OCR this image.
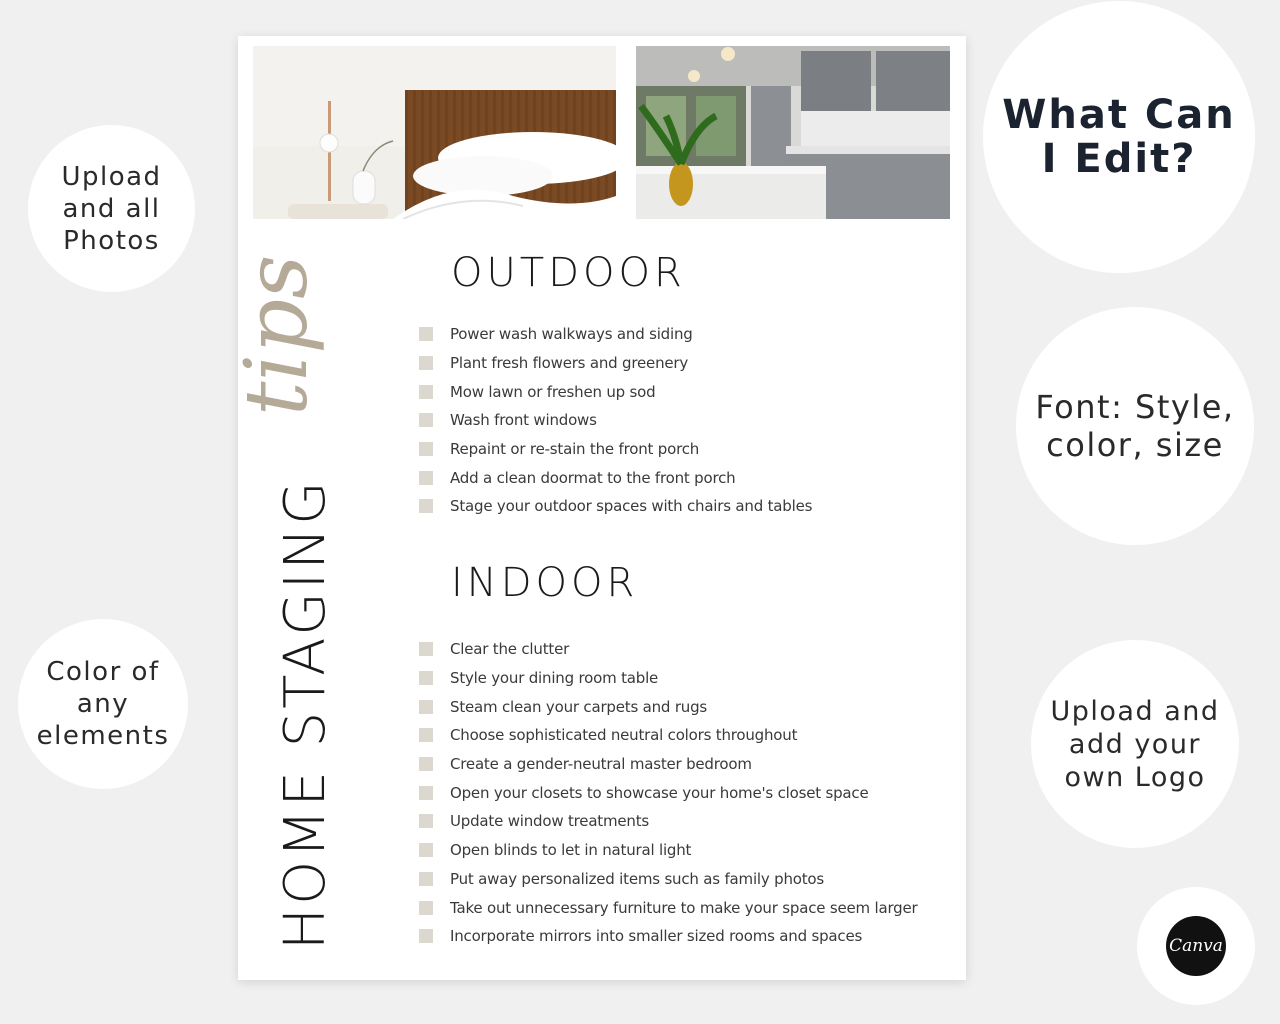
tips
HOME STAGING
OUTDOOR
Power wash walkways and siding
Plant fresh flowers and greenery
Mow lawn or freshen up sod
Wash front windows
Repaint or re-stain the front porch
Add a clean doormat to the front porch
Stage your outdoor spaces with chairs and tables
INDOOR
Clear the clutter
Style your dining room table
Steam clean your carpets and rugs
Choose sophisticated neutral colors throughout
Create a gender-neutral master bedroom
Open your closets to showcase your home's closet space
Update window treatments
Open blinds to let in natural light
Put away personalized items such as family photos
Take out unnecessary furniture to make your space seem larger
Incorporate mirrors into smaller sized rooms and spaces
Upload
and all
Photos
Color of
any
elements
What Can
I Edit?
Font: Style,
color, size
Upload and
add your
own Logo
Canva
